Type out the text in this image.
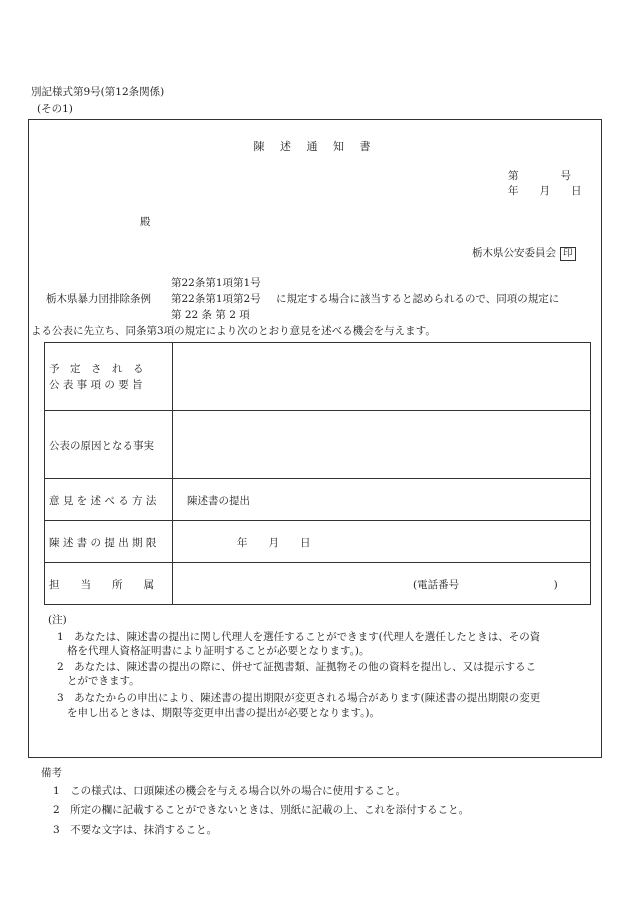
別記様式第9号(第12条関係)
(その1)
陳 述 通 知 書
第　　　　号
年　　月　　日
殿
栃木県公安委員会 印
第22条第1項第1号
栃木県暴力団排除条例 第22条第1項第2号 に規定する場合に該当すると認められるので、同項の規定に
第 22 条 第 2 項
よる公表に先立ち、同条第3項の規定により次のとおり意見を述べる機会を与えます。
予　定　さ　れ　る
公 表 事 項 の 要 旨
公表の原因となる事実
意 見 を 述 べ る 方 法	陳述書の提出
陳 述 書 の 提 出 期 限	年　　月　　日
担　　当　　所　　属	(電話番号　　　　　　　　　)
(注)
1　あなたは、陳述書の提出に関し代理人を選任することができます(代理人を選任したときは、その資
格を代理人資格証明書により証明することが必要となります。)。
2　あなたは、陳述書の提出の際に、併せて証拠書類、証拠物その他の資料を提出し、又は提示するこ
とができます。
3　あなたからの申出により、陳述書の提出期限が変更される場合があります(陳述書の提出期限の変更
を申し出るときは、期限等変更申出書の提出が必要となります。)。
備考
1　この様式は、口頭陳述の機会を与える場合以外の場合に使用すること。
2　所定の欄に記載することができないときは、別紙に記載の上、これを添付すること。
3　不要な文字は、抹消すること。
